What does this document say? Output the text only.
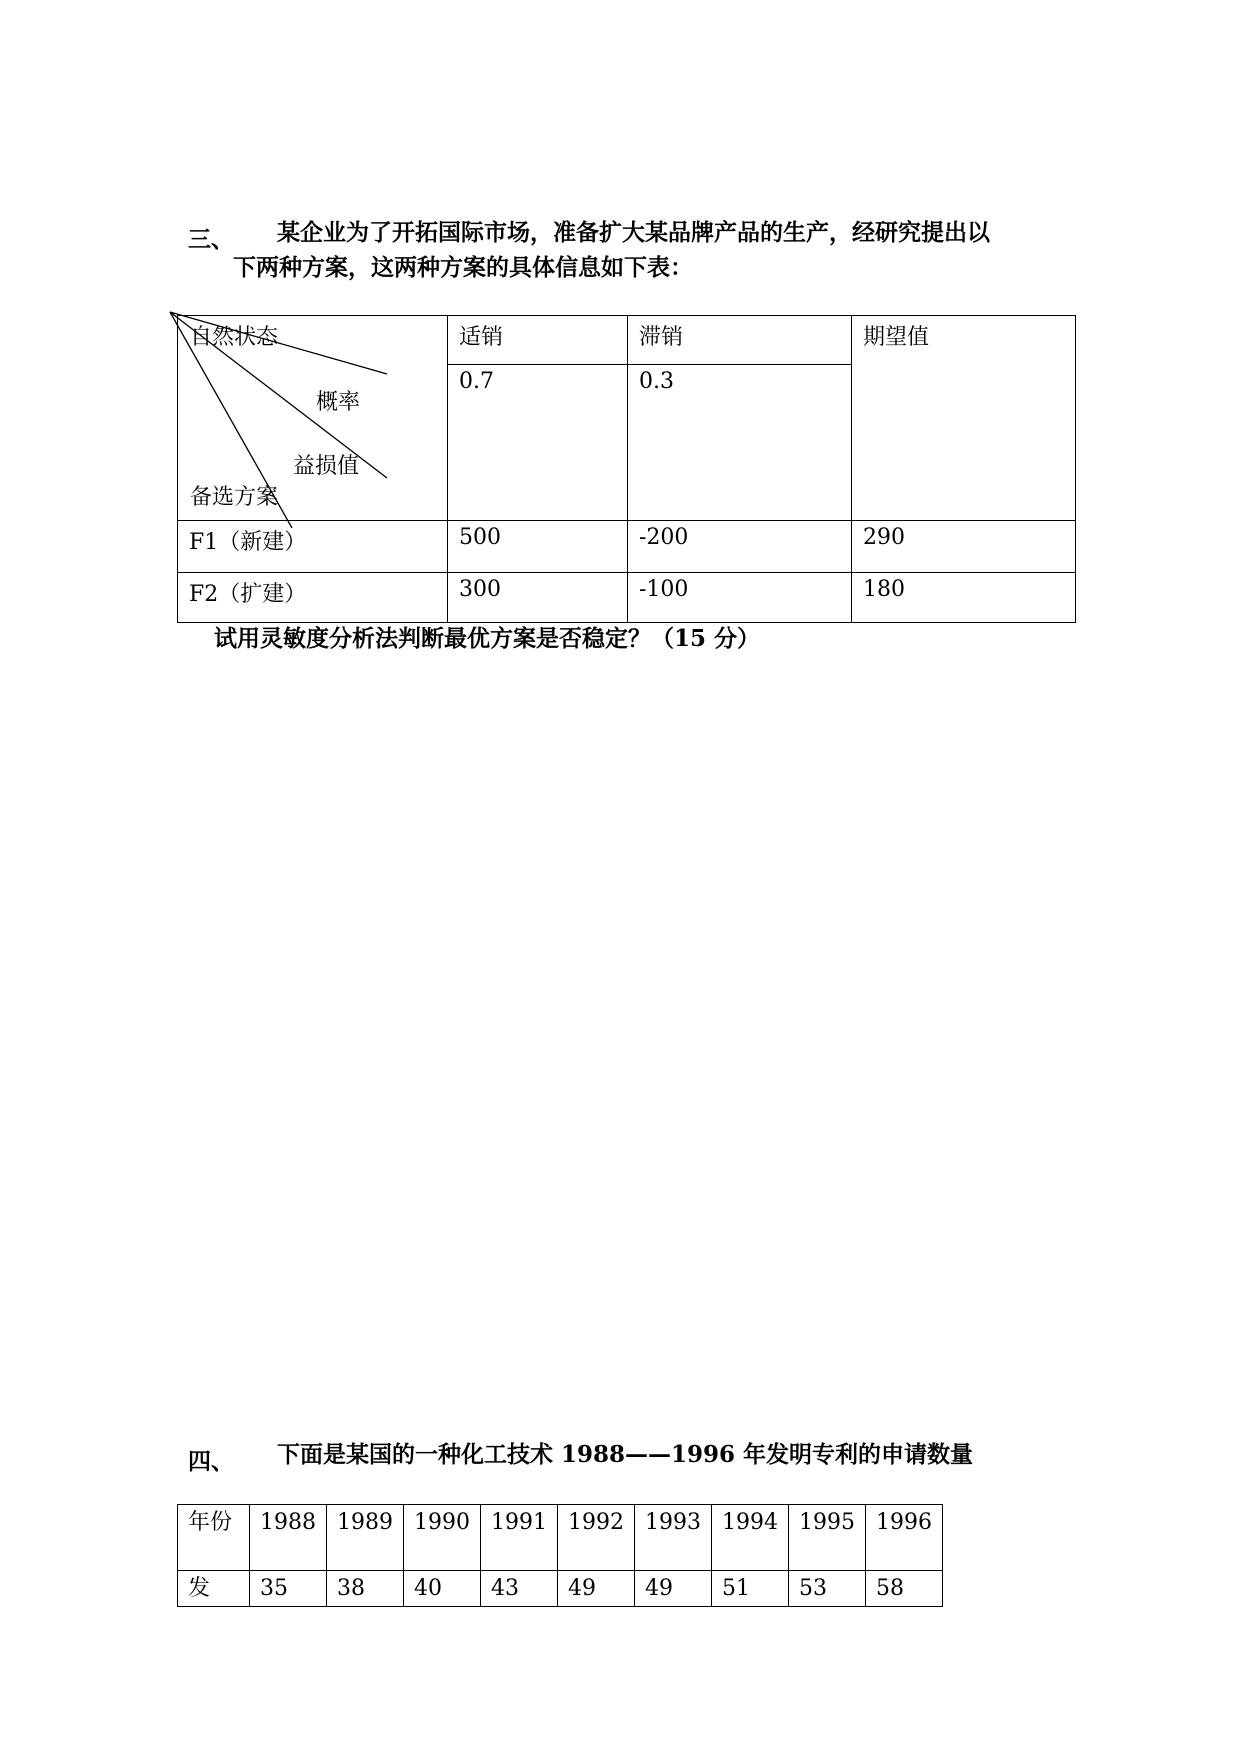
三、 某企业为了开拓国际市场，准备扩大某品牌产品的生产，经研究提出以
下两种方案，这两种方案的具体信息如下表：
自然状态
概率
益损值
备选方案	适销	滞销	期望值
	0.7	0.3	
F1（新建）	500	-200	290
F2（扩建）	300	-100	180
试用灵敏度分析法判断最优方案是否稳定？（15 分）
四、 下面是某国的一种化工技术 1988——1996 年发明专利的申请数量
年份	1988	1989	1990	1991	1992	1993	1994	1995	1996
发	35	38	40	43	49	49	51	53	58
